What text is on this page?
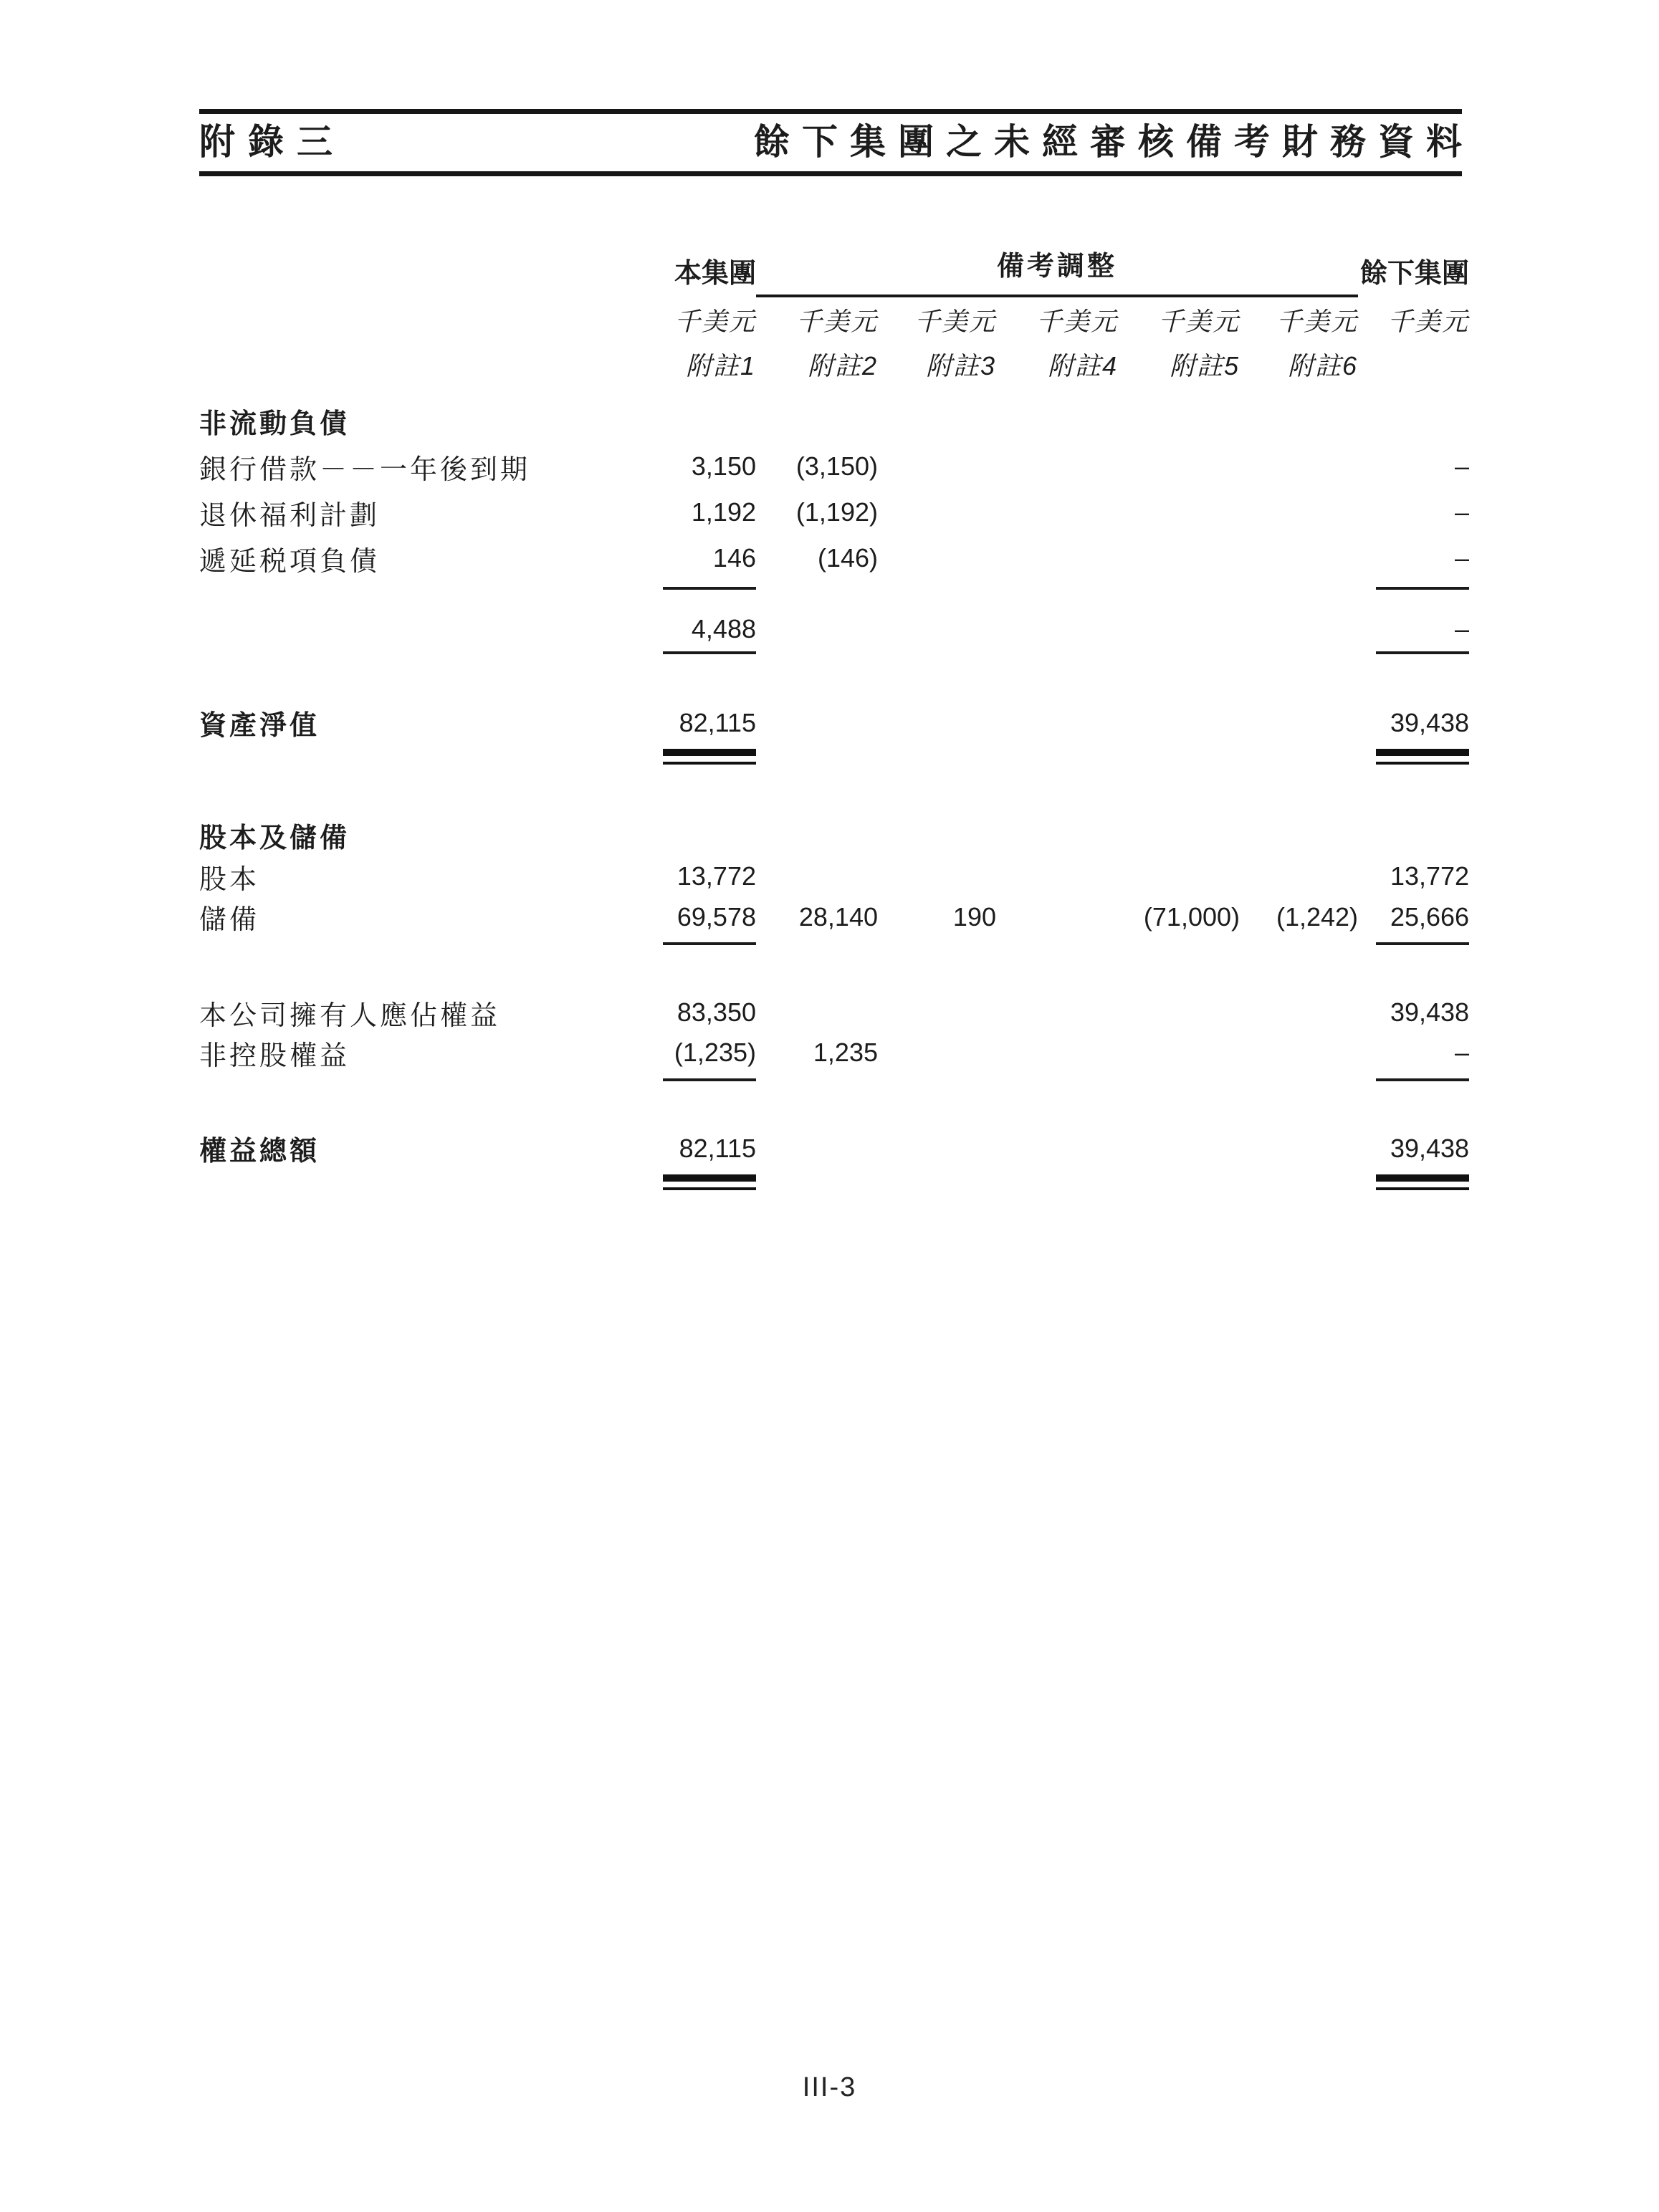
附錄三	餘下集團之未經審核備考財務資料
	本集團	備考調整					餘下集團
	千美元	千美元	千美元	千美元	千美元	千美元	千美元
	附註1	附註2	附註3	附註4	附註5	附註6	

非流動負債							
銀行借款－－一年後到期	3,150	(3,150)					–
退休福利計劃	1,192	(1,192)					–
遞延税項負債	146	(146)					–

	4,488						–

資產淨值	82,115						39,438

股本及儲備							
股本	13,772						13,772
儲備	69,578	28,140	190		(71,000)	(1,242)	25,666

本公司擁有人應佔權益	83,350						39,438
非控股權益	(1,235)	1,235					–

權益總額	82,115						39,438

III-3
